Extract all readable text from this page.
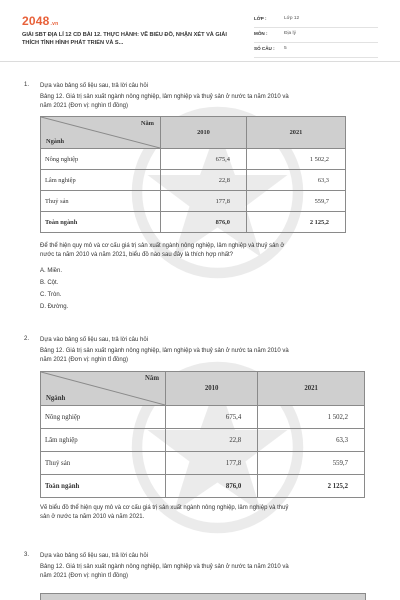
2048.vn
GIẢI SBT ĐỊA LÍ 12 CD BÀI 12. THỰC HÀNH: VẼ BIỂU ĐỒ, NHẬN XÉT VÀ GIẢI THÍCH TÌNH HÌNH PHÁT TRIỂN VÀ S...
LỚP :	Lớp 12
MÔN :	Địa lý
SỐ CÂU : 5
1. Dựa vào bảng số liệu sau, trả lời câu hỏi
Bảng 12. Giá trị sản xuất ngành nông nghiệp, lâm nghiệp và thuỷ sản ở nước ta năm 2010 và
năm 2021 (Đơn vị: nghìn tỉ đồng)
Năm
Ngành	2010	2021
Nông nghiệp	675,4	1 502,2
Lâm nghiệp	22,8	63,3
Thuỷ sản	177,8	559,7
Toàn ngành	876,0	2 125,2
Để thể hiện quy mô và cơ cấu giá trị sản xuất ngành nông nghiệp, lâm nghiệp và thuỷ sản ở
nước ta năm 2010 và năm 2021, biểu đồ nào sau đây là thích hợp nhất?
A. Miền.
B. Cột.
C. Tròn.
D. Đường.
2. Dựa vào bảng số liệu sau, trả lời câu hỏi
Bảng 12. Giá trị sản xuất ngành nông nghiệp, lâm nghiệp và thuỷ sản ở nước ta năm 2010 và
năm 2021 (Đơn vị: nghìn tỉ đồng)
Năm
Ngành	2010	2021
Nông nghiệp	675,4	1 502,2
Lâm nghiệp	22,8	63,3
Thuỷ sản	177,8	559,7
Toàn ngành	876,0	2 125,2
Vẽ biểu đồ thể hiện quy mô và cơ cấu giá trị sản xuất ngành nông nghiệp, lâm nghiệp và thuỷ
sản ở nước ta năm 2010 và năm 2021.
3. Dựa vào bảng số liệu sau, trả lời câu hỏi
Bảng 12. Giá trị sản xuất ngành nông nghiệp, lâm nghiệp và thuỷ sản ở nước ta năm 2010 và
năm 2021 (Đơn vị: nghìn tỉ đồng)
